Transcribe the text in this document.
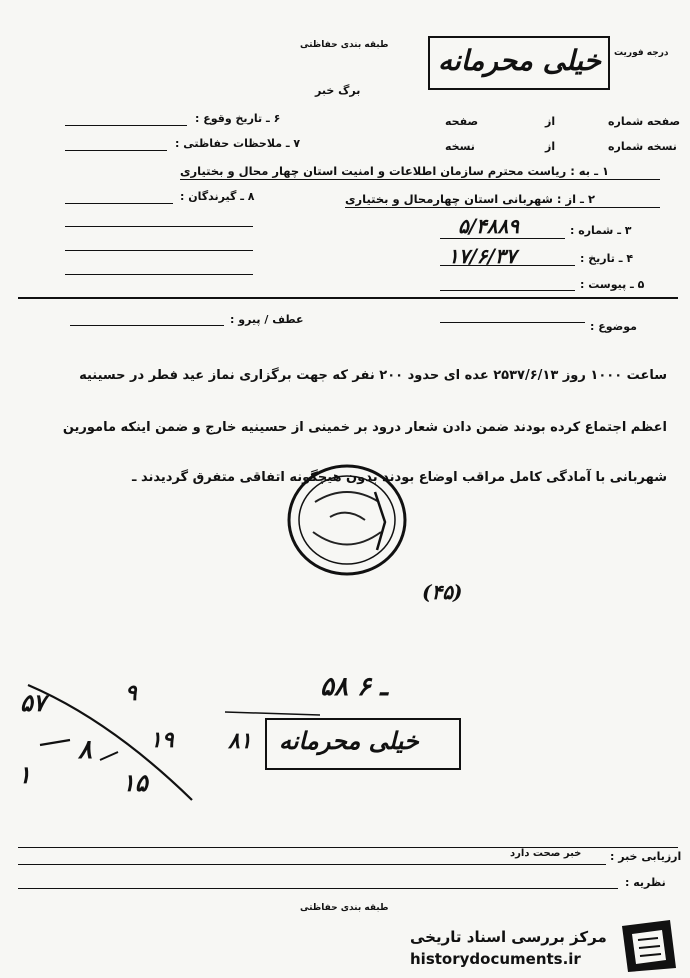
طبقه بندی حفاظتی
درجه فوریت
خیلی محرمانه
برگ خبر
۶ ـ تاریخ وقوع :
۷ ـ ملاحظات حفاظتی :
۸ ـ گیرندگان :
صفحه شماره
از
صفحه
نسخه شماره
از
نسخه
۱ ـ به : ریاست محترم سازمان اطلاعات و امنیت استان چهار محال و بختیاری
۲ ـ از : شهربانی استان چهارمحال و بختیاری
۳ ـ شماره :
۵/۴۸۸۹
۴ ـ تاریخ :
۱۷/۶/۳۷
۵ ـ پیوست :
عطف / پیرو :
موضوع :
ساعت ۱۰۰۰ روز ۲۵۳۷/۶/۱۳ عده ای حدود ۲۰۰ نفر که جهت برگزاری نماز عید فطر در حسینیه
اعظم اجتماع کرده بودند ضمن دادن شعار درود بر خمینی از حسینیه خارج و ضمن اینکه مامورین
شهربانی با آمادگی کامل مراقب اوضاع بودند بدون هیچگونه اتفاقی متفرق گردیدند ـ
(۴۵)
۵۷	۹
۱۹
۸
۱۵
۱
۵۸ ـ ۶
خیلی محرمانه
۸۱
ارزیابی خبر :
خبر صحت دارد
نظریه :
طبقه بندی حفاظتی
مرکز بررسی اسناد تاریخی
historydocuments.ir
